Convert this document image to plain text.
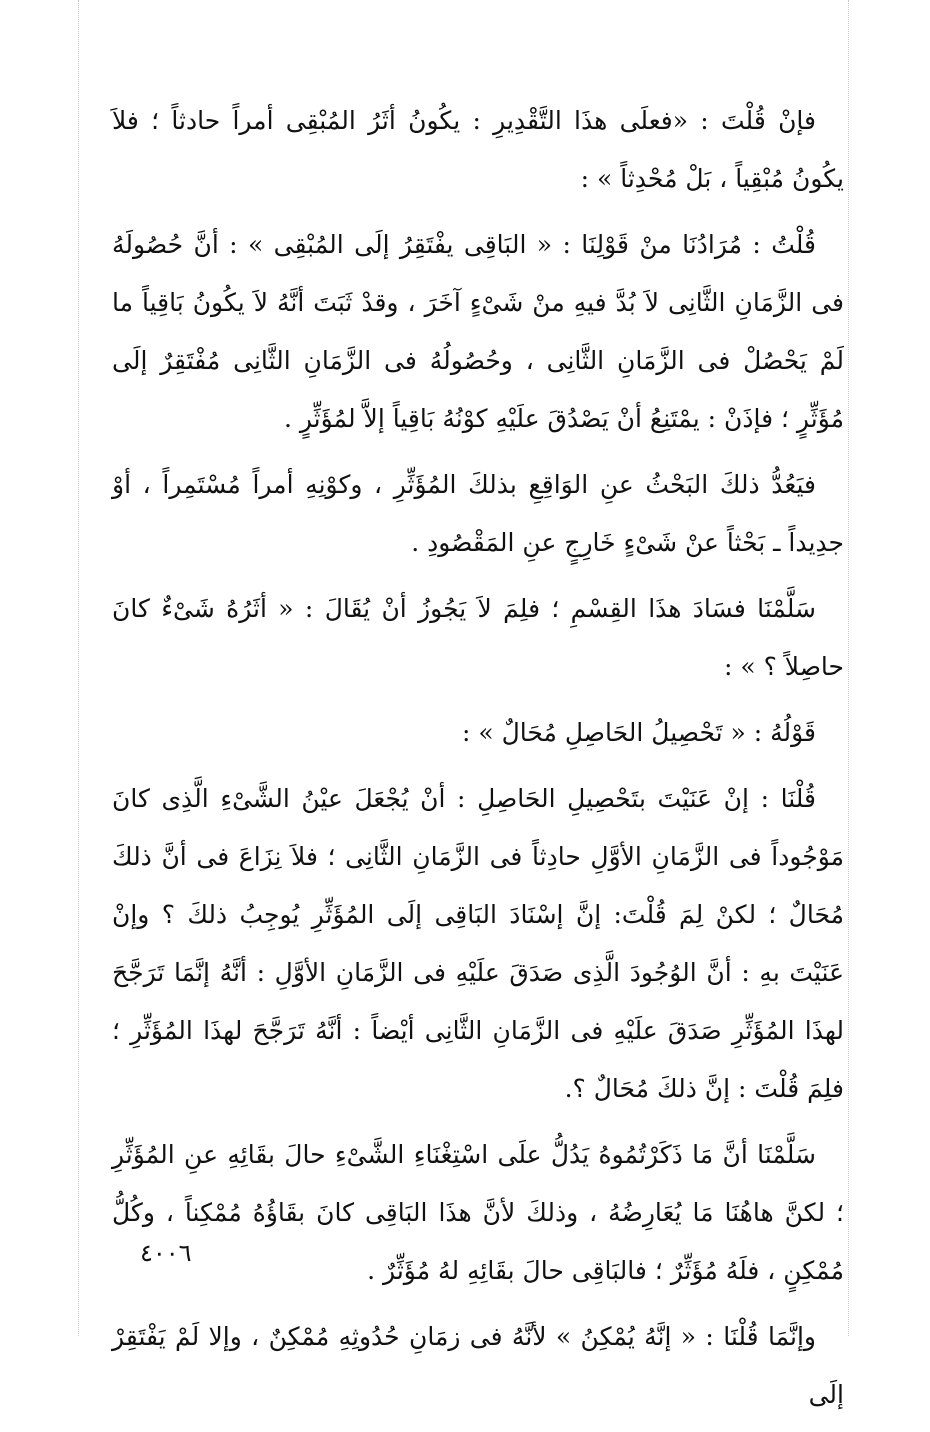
فإنْ قُلْتَ : «فعلَى هذَا التَّقْدِيرِ : يكُونُ أثَرُ المُبْقِى أمراً حادثاً ؛ فلاَ يكُونُ مُبْقِياً ، بَلْ مُحْدِثاً » :

قُلْتُ : مُرَادُنَا منْ قَوْلِنَا : « البَاقِى يفْتَقِرُ إلَى المُبْقِى » : أنَّ حُصُولَهُ فى الزَّمَانِ الثَّانِى لاَ بُدَّ فيهِ منْ شَىْءٍ آخَرَ ، وقدْ ثَبَتَ أنَّهُ لاَ يكُونُ بَاقِياً ما لَمْ يَحْصُلْ فى الزَّمَانِ الثَّانِى ، وحُصُولُهُ فى الزَّمَانِ الثَّانِى مُفْتَقِرٌ إلَى مُؤَثِّرٍ ؛ فإذَنْ : يمْتَنِعُ أنْ يَصْدُقَ علَيْهِ كوْنُهُ بَاقِياً إلاَّ لمُؤَثِّرٍ .

فيَعُدُّ ذلكَ البَحْثُ عنِ الوَاقِعِ بذلكَ المُؤَثِّرِ ، وكوْنِهِ أمراً مُسْتَمِراً ، أوْ جدِيداً ـ بَحْثاً عنْ شَىْءٍ خَارِجٍ عنِ المَقْصُودِ .

سَلَّمْنَا فسَادَ هذَا القِسْمِ ؛ فلِمَ لاَ يَجُوزُ أنْ يُقَالَ : « أثَرُهُ شَىْءٌ كانَ حاصِلاً ؟ » :

قَوْلُهُ : « تَحْصِيلُ الحَاصِلِ مُحَالٌ » :

قُلْنَا : إنْ عَنَيْتَ بتَحْصِيلِ الحَاصِلِ : أنْ يُجْعَلَ عيْنُ الشَّىْءِ الَّذِى كانَ مَوْجُوداً فى الزَّمَانِ الأوَّلِ حادِثاً فى الزَّمَانِ الثَّانِى ؛ فلاَ نِزَاعَ فى أنَّ ذلكَ مُحَالٌ ؛ لكنْ لِمَ قُلْتَ: إنَّ إسْنَادَ البَاقِى إلَى المُؤَثِّرِ يُوجِبُ ذلكَ ؟ وإنْ عَنَيْتَ بهِ : أنَّ الوُجُودَ الَّذِى صَدَقَ علَيْهِ فى الزَّمَانِ الأوَّلِ : أنَّهُ إنَّمَا تَرَجَّحَ لهذَا المُؤَثِّرِ صَدَقَ علَيْهِ فى الزَّمَانِ الثَّانِى أيْضاً : أنَّهُ تَرَجَّحَ لهذَا المُؤَثِّرِ ؛ فلِمَ قُلْتَ : إنَّ ذلكَ مُحَالٌ ؟.

سَلَّمْنَا أنَّ مَا ذَكَرْتُمُوهُ يَدُلُّ علَى اسْتِغْنَاءِ الشَّىْءِ حالَ بقَائِهِ عنِ المُؤَثِّرِ ؛ لكنَّ هاهُنَا مَا يُعَارِضُهُ ، وذلكَ لأنَّ هذَا البَاقِى كانَ بقَاؤُهُ مُمْكِناً ، وكُلُّ مُمْكِنٍ ، فلَهُ مُؤَثِّرٌ ؛ فالبَاقِى حالَ بقَائِهِ لهُ مُؤَثِّرٌ .

وإنَّمَا قُلْنَا : « إنَّهُ يُمْكِنُ » لأنَّهُ فى زمَانِ حُدُوثِهِ مُمْكِنٌ ، وإلا لَمْ يَفْتَقِرْ إلَى

٤٠٠٦
